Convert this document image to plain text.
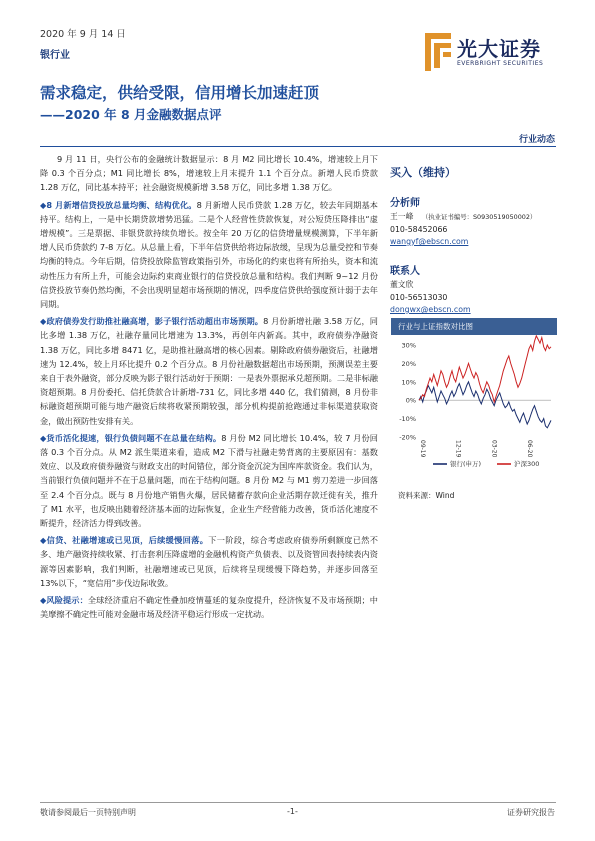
2020 年 9 月 14 日
银行业	光大证券
EVERBRIGHT SECURITIES
需求稳定，供给受限，信用增长加速赶顶
——2020 年 8 月金融数据点评
行业动态

9 月 11 日，央行公布的金融统计数据显示：8 月 M2 同比增长 10.4%，增速较上月下降 0.3 个百分点；M1 同比增长 8%，增速较上月末提升 1.1 个百分点。新增人民币贷款 1.28 万亿，同比基本持平；社会融资规模新增 3.58 万亿，同比多增 1.38 万亿。

◆8 月新增信贷投放总量均衡、结构优化。8 月新增人民币贷款 1.28 万亿，较去年同期基本持平。结构上，一是中长期贷款增势迅猛。二是个人经营性贷款恢复，对公短贷压降排出“虚增规模”。三是票据、非银贷款持续负增长。按全年 20 万亿的信贷增量规模测算，下半年新增人民币贷款约 7-8 万亿。从总量上看，下半年信贷供给将边际放缓，呈现为总量受控和节奏均衡的特点。今年后期，信贷投放除监管政策指引外，市场化的约束也将有所抬头，资本和流动性压力有所上升，可能会边际约束商业银行的信贷投放总量和结构。我们判断 9~12 月份信贷投放节奏仍然均衡，不会出现明显超市场预期的情况，四季度信贷供给强度预计弱于去年同期。

◆政府债券发行助推社融高增，影子银行活动超出市场预期。8 月份新增社融 3.58 万亿，同比多增 1.38 万亿，社融存量同比增速为 13.3%，再创年内新高。其中，政府债券净融资 1.38 万亿，同比多增 8471 亿，是助推社融高增的核心因素。剔除政府债券融资后，社融增速为 12.4%，较上月环比提升 0.2 个百分点。8 月份社融数据超出市场预期，预测误差主要来自于表外融资，部分反映为影子银行活动好于预期：一是表外票据承兑超预期。二是非标融资超预期。8 月份委托、信托贷款合计新增-731 亿，同比多增 440 亿，我们猜测，8 月份非标融资超预期可能与地产融资后续将收紧预期较强，部分机构提前抢跑通过非标渠道获取资金，做出预防性安排有关。

◆货币活化提速，银行负债问题不在总量在结构。8 月份 M2 同比增长 10.4%，较 7 月份回落 0.3 个百分点。从 M2 派生渠道来看，造成 M2 下滑与社融走势背离的主要原因有：基数效应、以及政府债券融资与财政支出的时间错位，部分资金沉淀为国库库款资金。我们认为，当前银行负债问题并不在于总量问题，而在于结构问题。8 月份 M2 与 M1 剪刀差进一步回落至 2.4 个百分点。既与 8 月份地产销售火爆，居民储蓄存款向企业活期存款迁徙有关，推升了 M1 水平，也反映出随着经济基本面的边际恢复，企业生产经营能力改善，货币活化速度不断提升，经济活力得到改善。

◆信贷、社融增速或已见顶，后续缓慢回落。下一阶段，综合考虑政府债券所剩额度已然不多、地产融资持续收紧、打击套利压降虚增的金融机构资产负债表、以及资管回表持续表内资源等因素影响，我们判断，社融增速或已见顶，后续将呈现缓慢下降趋势，并逐步回落至 13%以下，“宽信用”步伐边际收敛。

◆风险提示：全球经济重启不确定性叠加疫情蔓延的复杂度提升，经济恢复不及市场预期；中美摩擦不确定性可能对金融市场及经济平稳运行形成一定扰动。

买入（维持）
分析师
王一峰 （执业证书编号：S0930519050002）
010-58452066
wangyf@ebscn.com
联系人
董文欣
010-56513030
dongwx@ebscn.com
行业与上证指数对比图
30%
20%
10%
0%
-10%
-20%
09-19	12-19	03-20	06-20
银行(申万)	沪深300
资料来源：Wind
敬请参阅最后一页特别声明	-1-	证券研究报告
